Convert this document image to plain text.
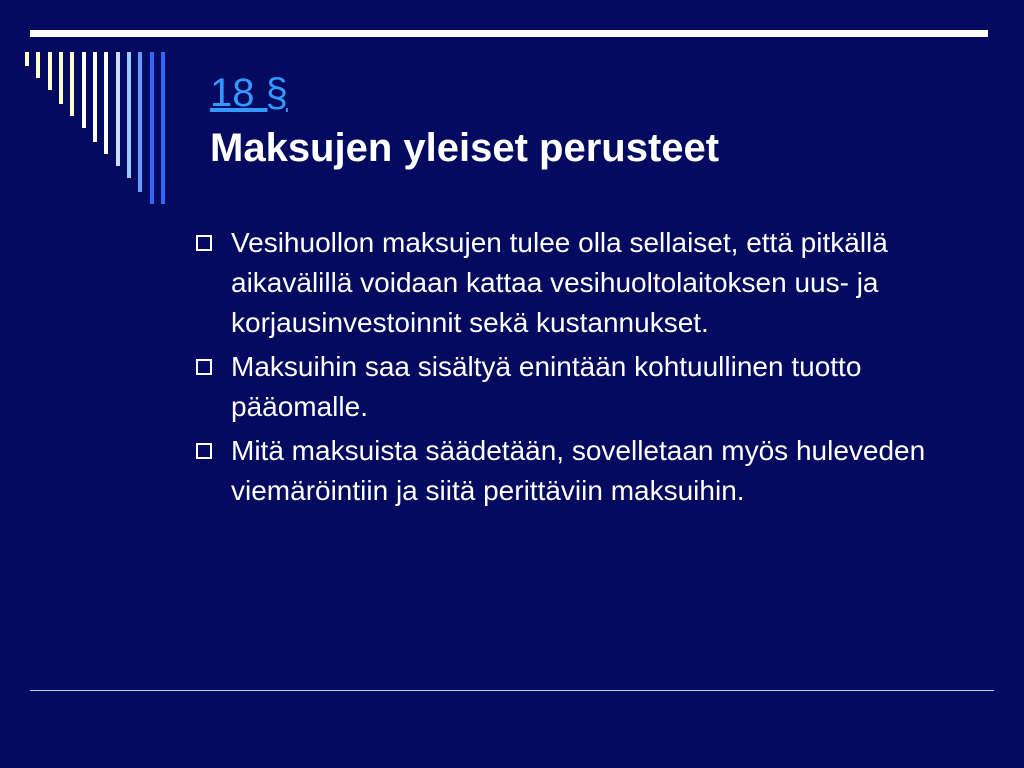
18 §
Maksujen yleiset perusteet
Vesihuollon maksujen tulee olla sellaiset, että pitkällä aikavälillä voidaan kattaa vesihuoltolaitoksen uus- ja korjausinvestoinnit sekä kustannukset.
Maksuihin saa sisältyä enintään kohtuullinen tuotto pääomalle.
Mitä maksuista säädetään, sovelletaan myös huleveden viemäröintiin ja siitä perittäviin maksuihin.
